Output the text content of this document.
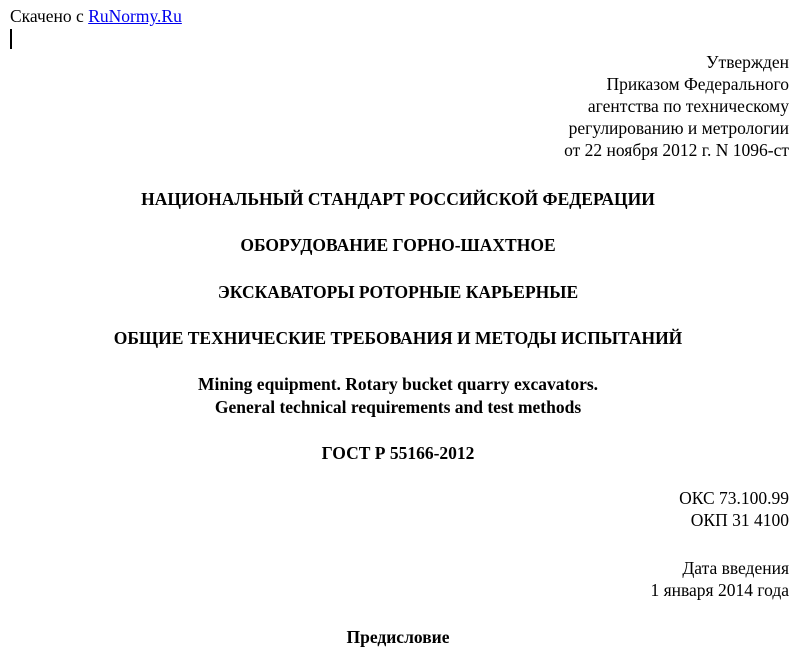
Скачено с RuNormy.Ru
Утвержден
Приказом Федерального
агентства по техническому
регулированию и метрологии
от 22 ноября 2012 г. N 1096-ст
НАЦИОНАЛЬНЫЙ СТАНДАРТ РОССИЙСКОЙ ФЕДЕРАЦИИ
ОБОРУДОВАНИЕ ГОРНО-ШАХТНОЕ
ЭКСКАВАТОРЫ РОТОРНЫЕ КАРЬЕРНЫЕ
ОБЩИЕ ТЕХНИЧЕСКИЕ ТРЕБОВАНИЯ И МЕТОДЫ ИСПЫТАНИЙ
Mining equipment. Rotary bucket quarry excavators.
General technical requirements and test methods
ГОСТ Р 55166-2012
ОКС 73.100.99
ОКП 31 4100
Дата введения
1 января 2014 года
Предисловие
